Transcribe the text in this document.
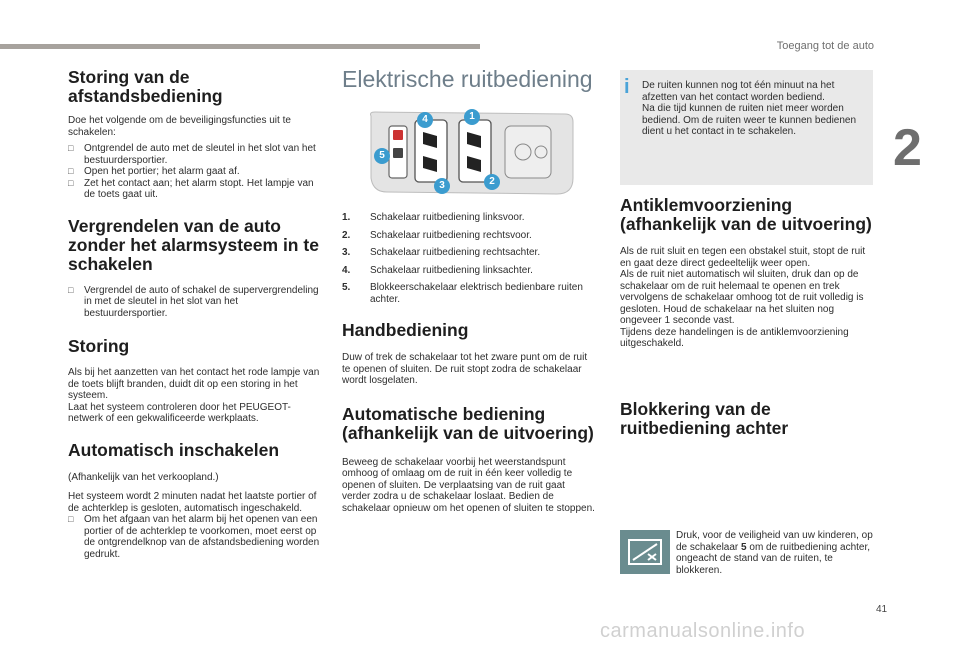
Toegang tot de auto
2
41
carmanualsonline.info
Storing van de afstandsbediening

Doe het volgende om de beveiligingsfuncties uit te schakelen:

□ Ontgrendel de auto met de sleutel in het slot van het bestuurdersportier.
□ Open het portier; het alarm gaat af.
□ Zet het contact aan; het alarm stopt. Het lampje van de toets gaat uit.
Vergrendelen van de auto zonder het alarmsysteem in te schakelen
□ Vergrendel de auto of schakel de supervergrendeling in met de sleutel in het slot van het bestuurdersportier.
Storing

Als bij het aanzetten van het contact het rode lampje van de toets blijft branden, duidt dit op een storing in het systeem.

Laat het systeem controleren door het PEUGEOT-netwerk of een gekwalificeerde werkplaats.

Automatisch inschakelen

(Afhankelijk van het verkoopland.)

Het systeem wordt 2 minuten nadat het laatste portier of de achterklep is gesloten, automatisch ingeschakeld.

□ Om het afgaan van het alarm bij het openen van een portier of de achterklep te voorkomen, moet eerst op de ontgrendelknop van de afstandsbediening worden gedrukt.
Elektrische ruitbediening
1
2
3
4
5
1. Schakelaar ruitbediening linksvoor.
2. Schakelaar ruitbediening rechtsvoor.
3. Schakelaar ruitbediening rechtsachter.
4. Schakelaar ruitbediening linksachter.
5. Blokkeerschakelaar elektrisch bedienbare ruiten achter.
Handbediening

Duw of trek de schakelaar tot het zware punt om de ruit te openen of sluiten. De ruit stopt zodra de schakelaar wordt losgelaten.

Automatische bediening (afhankelijk van de uitvoering)

Beweeg de schakelaar voorbij het weerstandspunt omhoog of omlaag om de ruit in één keer volledig te openen of sluiten. De verplaatsing van de ruit gaat verder zodra u de schakelaar loslaat. Bedien de schakelaar opnieuw om het openen of sluiten te stoppen.

i De ruiten kunnen nog tot één minuut na het afzetten van het contact worden bediend.
Na die tijd kunnen de ruiten niet meer worden bediend. Om de ruiten weer te kunnen bedienen dient u het contact in te schakelen.

Antiklemvoorziening (afhankelijk van de uitvoering)

Als de ruit sluit en tegen een obstakel stuit, stopt de ruit en gaat deze direct gedeeltelijk weer open.

Als de ruit niet automatisch wil sluiten, druk dan op de schakelaar om de ruit helemaal te openen en trek vervolgens de schakelaar omhoog tot de ruit volledig is gesloten. Houd de schakelaar na het sluiten nog ongeveer 1 seconde vast.

Tijdens deze handelingen is de antiklemvoorziening uitgeschakeld.

Blokkering van de ruitbediening achter

Druk, voor de veiligheid van uw kinderen, op de schakelaar 5 om de ruitbediening achter, ongeacht de stand van de ruiten, te blokkeren.
